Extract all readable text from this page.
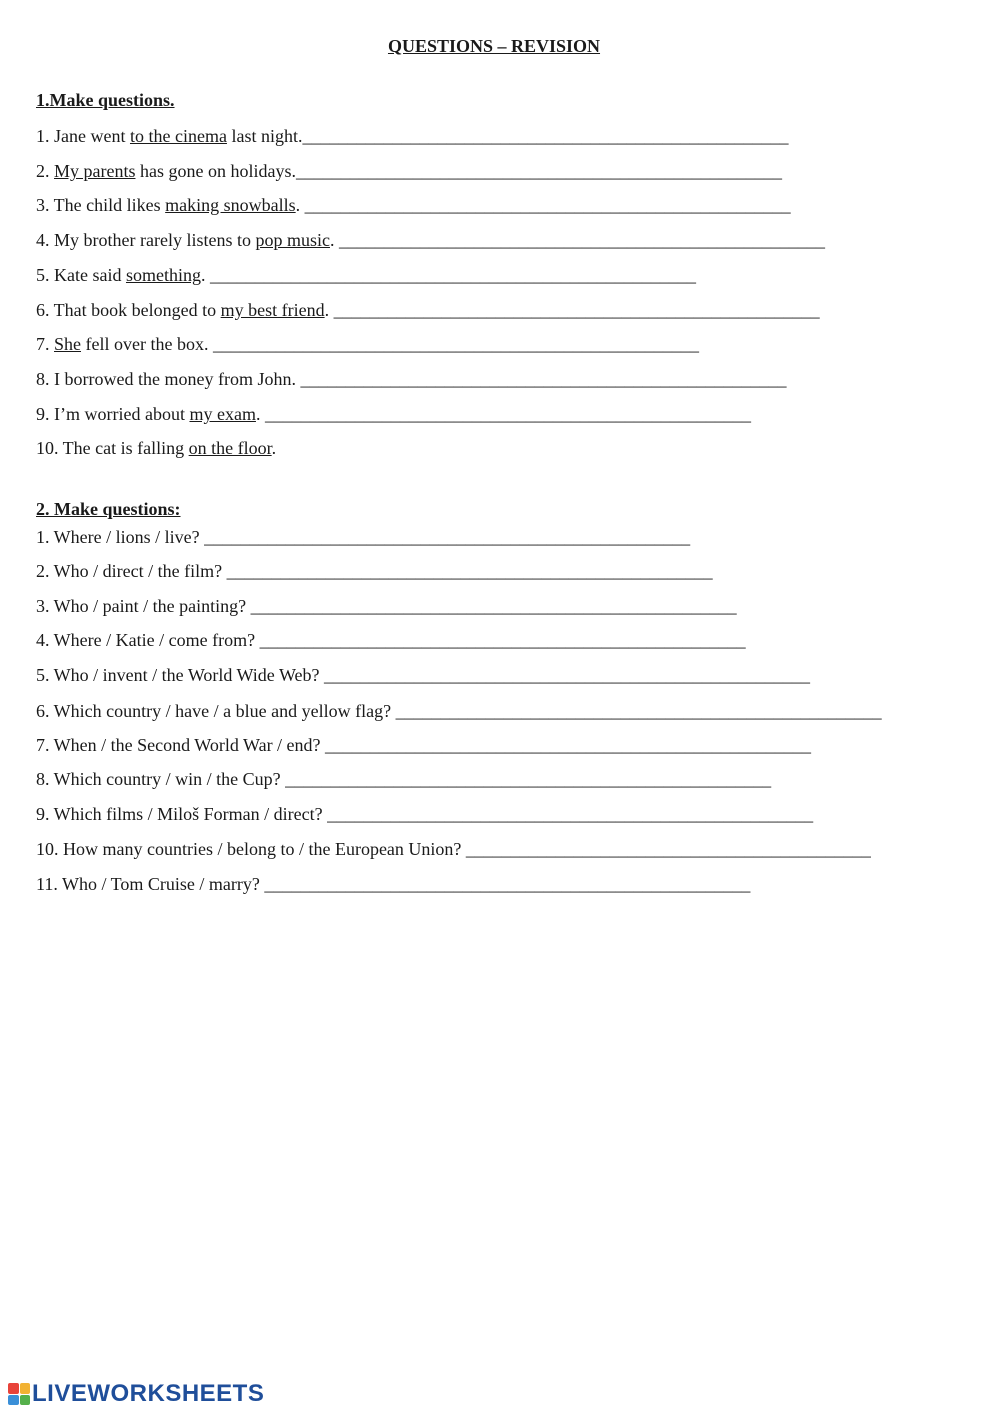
QUESTIONS – REVISION
1.Make questions.
1. Jane went to the cinema last night.______________________________________________________
2. My parents has gone on holidays.______________________________________________________
3. The child likes making snowballs. ______________________________________________________
4. My brother rarely listens to pop music. ______________________________________________________
5. Kate said something. ______________________________________________________
6. That book belonged to my best friend. ______________________________________________________
7. She fell over the box. ______________________________________________________
8. I borrowed the money from John. ______________________________________________________
9. I’m worried about my exam. ______________________________________________________
10. The cat is falling on the floor.
2. Make questions:
1. Where / lions / live? ______________________________________________________
2. Who / direct / the film? ______________________________________________________
3. Who / paint / the painting? ______________________________________________________
4. Where / Katie / come from? ______________________________________________________
5. Who / invent / the World Wide Web? ______________________________________________________
6. Which country / have / a blue and yellow flag? ______________________________________________________
7. When / the Second World War / end? ______________________________________________________
8. Which country / win / the Cup? ______________________________________________________
9. Which films / Miloš Forman / direct? ______________________________________________________
10. How many countries / belong to / the European Union? _____________________________________________
11. Who / Tom Cruise / marry? ______________________________________________________
LIVEWORKSHEETS
